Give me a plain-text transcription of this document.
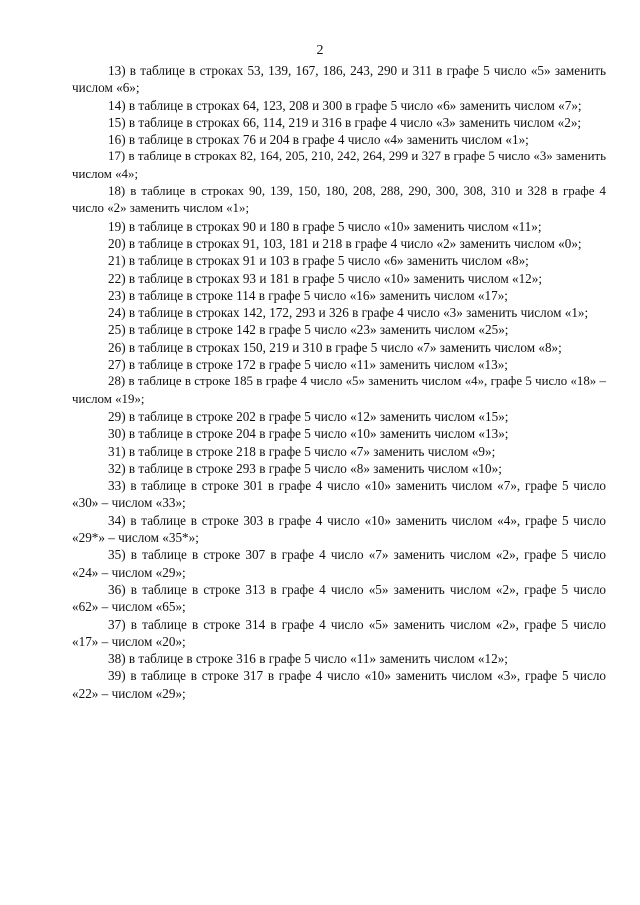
2

13) в таблице в строках 53, 139, 167, 186, 243, 290 и 311 в графе 5 число «5» заменить числом «6»;

14) в таблице в строках 64, 123, 208 и 300 в графе 5 число «6» заменить числом «7»;

15) в таблице в строках 66, 114, 219 и 316 в графе 4 число «3» заменить числом «2»;

16) в таблице в строках 76 и 204 в графе 4 число «4» заменить числом «1»;

17) в таблице в строках 82, 164, 205, 210, 242, 264, 299 и 327 в графе 5 число «3» заменить числом «4»;

18) в таблице в строках 90, 139, 150, 180, 208, 288, 290, 300, 308, 310 и 328 в графе 4 число «2» заменить числом «1»;

19) в таблице в строках 90 и 180 в графе 5 число «10» заменить числом «11»;

20) в таблице в строках 91, 103, 181 и 218 в графе 4 число «2» заменить числом «0»;

21) в таблице в строках 91 и 103 в графе 5 число «6» заменить числом «8»;

22) в таблице в строках 93 и 181 в графе 5 число «10» заменить числом «12»;

23) в таблице в строке 114 в графе 5 число «16» заменить числом «17»;

24) в таблице в строках 142, 172, 293 и 326 в графе 4 число «3» заменить числом «1»;

25) в таблице в строке 142 в графе 5 число «23» заменить числом «25»;

26) в таблице в строках 150, 219 и 310 в графе 5 число «7» заменить числом «8»;

27) в таблице в строке 172 в графе 5 число «11» заменить числом «13»;

28) в таблице в строке 185 в графе 4 число «5» заменить числом «4», графе 5 число «18» – числом «19»;

29) в таблице в строке 202 в графе 5 число «12» заменить числом «15»;

30) в таблице в строке 204 в графе 5 число «10» заменить числом «13»;

31) в таблице в строке 218 в графе 5 число «7» заменить числом «9»;

32) в таблице в строке 293 в графе 5 число «8» заменить числом «10»;

33) в таблице в строке 301 в графе 4 число «10» заменить числом «7», графе 5 число «30» – числом «33»;

34) в таблице в строке 303 в графе 4 число «10» заменить числом «4», графе 5 число «29*» – числом «35*»;

35) в таблице в строке 307 в графе 4 число «7» заменить числом «2», графе 5 число «24» – числом «29»;

36) в таблице в строке 313 в графе 4 число «5» заменить числом «2», графе 5 число «62» – числом «65»;

37) в таблице в строке 314 в графе 4 число «5» заменить числом «2», графе 5 число «17» – числом «20»;

38) в таблице в строке 316 в графе 5 число «11» заменить числом «12»;

39) в таблице в строке 317 в графе 4 число «10» заменить числом «3», графе 5 число «22» – числом «29»;
